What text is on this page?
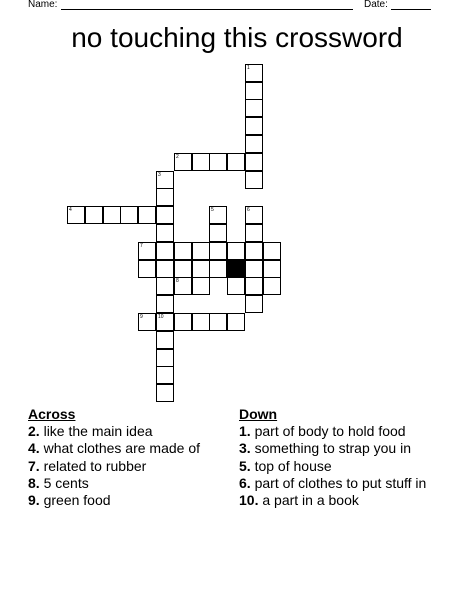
Name:	Date:
no touching this crossword
1
2
3
4	5	6
7
8
9	10
Across
2. like the main idea
4. what clothes are made of
7. related to rubber
8. 5 cents
9. green food
Down
1. part of body to hold food
3. something to strap you in
5. top of house
6. part of clothes to put stuff in
10. a part in a book
